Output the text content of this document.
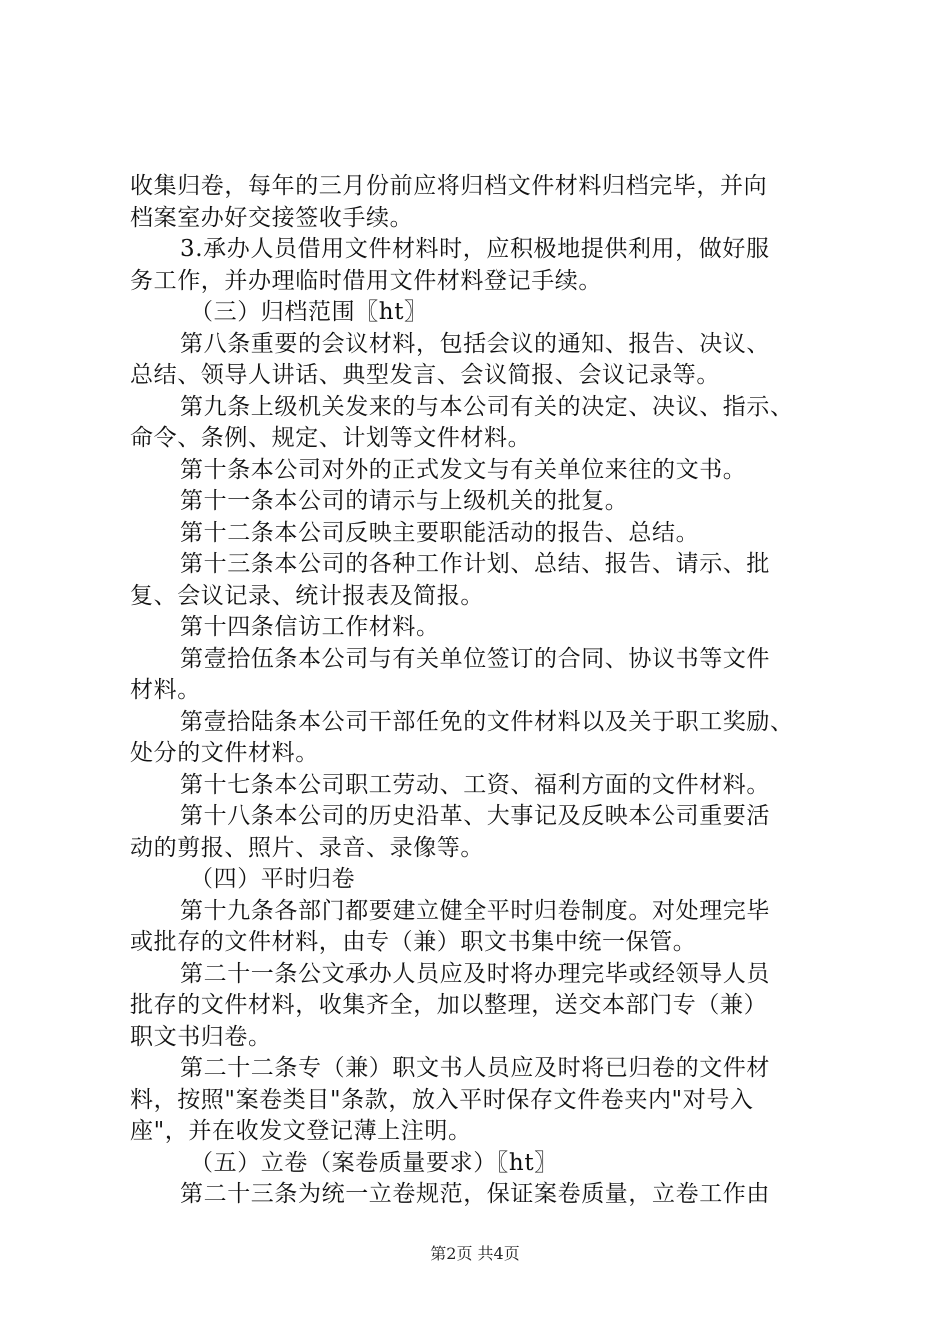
收集归卷，每年的三月份前应将归档文件材料归档完毕，并向
档案室办好交接签收手续。
3.承办人员借用文件材料时，应积极地提供利用，做好服
务工作，并办理临时借用文件材料登记手续。
（三）归档范围〖ht〗
第八条重要的会议材料，包括会议的通知、报告、决议、
总结、领导人讲话、典型发言、会议简报、会议记录等。
第九条上级机关发来的与本公司有关的决定、决议、指示、
命令、条例、规定、计划等文件材料。
第十条本公司对外的正式发文与有关单位来往的文书。
第十一条本公司的请示与上级机关的批复。
第十二条本公司反映主要职能活动的报告、总结。
第十三条本公司的各种工作计划、总结、报告、请示、批
复、会议记录、统计报表及简报。
第十四条信访工作材料。
第壹拾伍条本公司与有关单位签订的合同、协议书等文件
材料。
第壹拾陆条本公司干部任免的文件材料以及关于职工奖励、
处分的文件材料。
第十七条本公司职工劳动、工资、福利方面的文件材料。
第十八条本公司的历史沿革、大事记及反映本公司重要活
动的剪报、照片、录音、录像等。
（四）平时归卷
第十九条各部门都要建立健全平时归卷制度。对处理完毕
或批存的文件材料，由专（兼）职文书集中统一保管。
第二十一条公文承办人员应及时将办理完毕或经领导人员
批存的文件材料，收集齐全，加以整理，送交本部门专（兼）
职文书归卷。
第二十二条专（兼）职文书人员应及时将已归卷的文件材
料，按照"案卷类目"条款，放入平时保存文件卷夹内"对号入
座"，并在收发文登记薄上注明。
（五）立卷（案卷质量要求）〖ht〗
第二十三条为统一立卷规范，保证案卷质量，立卷工作由
第2页 共4页
